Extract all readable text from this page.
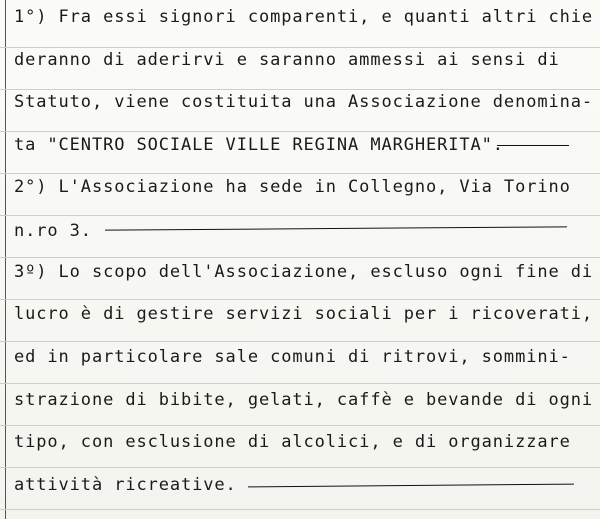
1°) Fra essi signori comparenti, e quanti altri chie
deranno di aderirvi e saranno ammessi ai sensi di
Statuto, viene costituita una Associazione denomina-
ta "CENTRO SOCIALE VILLE REGINA MARGHERITA".
2°) L'Associazione ha sede in Collegno, Via Torino
n.ro 3.
3º) Lo scopo dell'Associazione, escluso ogni fine di
lucro è di gestire servizi sociali per i ricoverati,
ed in particolare sale comuni di ritrovi, sommini-
strazione di bibite, gelati, caffè e bevande di ogni
tipo, con esclusione di alcolici, e di organizzare
attività ricreative.
